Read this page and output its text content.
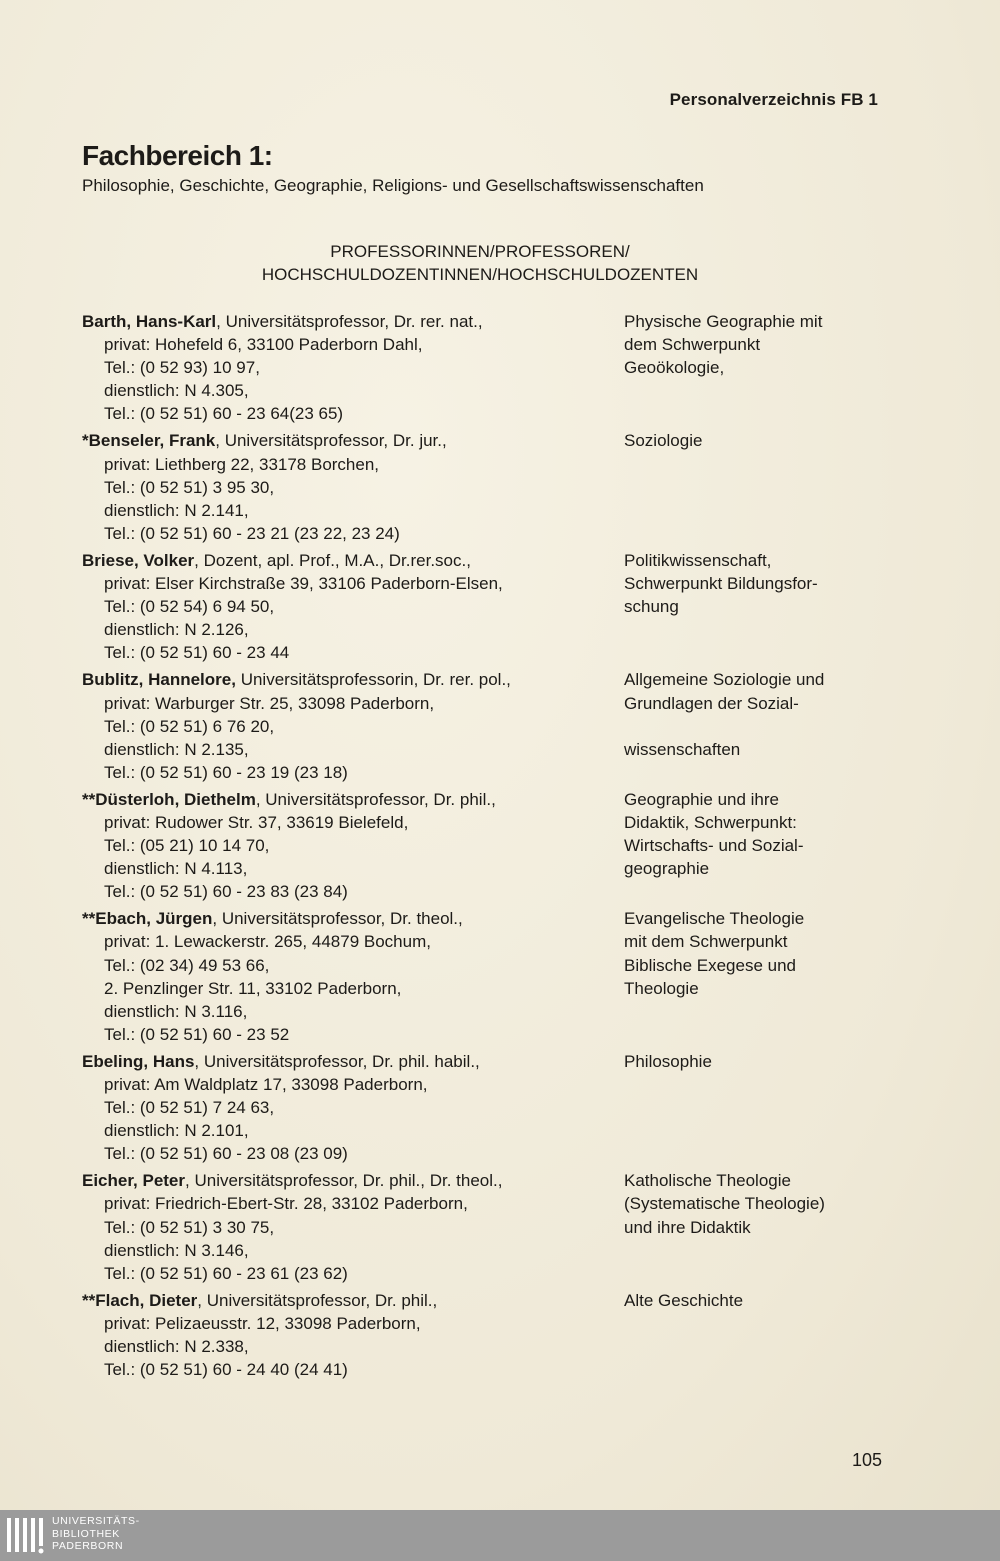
Personalverzeichnis FB 1
Fachbereich 1:
Philosophie, Geschichte, Geographie, Religions- und Gesellschaftswissenschaften
PROFESSORINNEN/PROFESSOREN/
HOCHSCHULDOZENTINNEN/HOCHSCHULDOZENTEN
Barth, Hans-Karl, Universitätsprofessor, Dr. rer. nat.,
privat: Hohefeld 6, 33100 Paderborn Dahl,
Tel.: (0 52 93) 10 97,
dienstlich: N 4.305,
Tel.: (0 52 51) 60 - 23 64(23 65)
Physische Geographie mit
dem Schwerpunkt
Geoökologie,
*Benseler, Frank, Universitätsprofessor, Dr. jur.,
privat: Liethberg 22, 33178 Borchen,
Tel.: (0 52 51) 3 95 30,
dienstlich: N 2.141,
Tel.: (0 52 51) 60 - 23 21 (23 22, 23 24)
Soziologie
Briese, Volker, Dozent, apl. Prof., M.A., Dr.rer.soc.,
privat: Elser Kirchstraße 39, 33106 Paderborn-Elsen,
Tel.: (0 52 54) 6 94 50,
dienstlich: N 2.126,
Tel.: (0 52 51) 60 - 23 44
Politikwissenschaft,
Schwerpunkt Bildungsfor-
schung
Bublitz, Hannelore, Universitätsprofessorin, Dr. rer. pol.,
privat: Warburger Str. 25, 33098 Paderborn,
Tel.: (0 52 51) 6 76 20,
dienstlich: N 2.135,
Tel.: (0 52 51) 60 - 23 19 (23 18)
Allgemeine Soziologie und
Grundlagen der Sozial-
wissenschaften
**Düsterloh, Diethelm, Universitätsprofessor, Dr. phil.,
privat: Rudower Str. 37, 33619 Bielefeld,
Tel.: (05 21) 10 14 70,
dienstlich: N 4.113,
Tel.: (0 52 51) 60 - 23 83 (23 84)
Geographie und ihre
Didaktik, Schwerpunkt:
Wirtschafts- und Sozial-
geographie
**Ebach, Jürgen, Universitätsprofessor, Dr. theol.,
privat: 1. Lewackerstr. 265, 44879 Bochum,
Tel.: (02 34) 49 53 66,
2. Penzlinger Str. 11, 33102 Paderborn,
dienstlich: N 3.116,
Tel.: (0 52 51) 60 - 23 52
Evangelische Theologie
mit dem Schwerpunkt
Biblische Exegese und
Theologie
Ebeling, Hans, Universitätsprofessor, Dr. phil. habil.,
privat: Am Waldplatz 17, 33098 Paderborn,
Tel.: (0 52 51) 7 24 63,
dienstlich: N 2.101,
Tel.: (0 52 51) 60 - 23 08 (23 09)
Philosophie
Eicher, Peter, Universitätsprofessor, Dr. phil., Dr. theol.,
privat: Friedrich-Ebert-Str. 28, 33102 Paderborn,
Tel.: (0 52 51) 3 30 75,
dienstlich: N 3.146,
Tel.: (0 52 51) 60 - 23 61 (23 62)
Katholische Theologie
(Systematische Theologie)
und ihre Didaktik
**Flach, Dieter, Universitätsprofessor, Dr. phil.,
privat: Pelizaeusstr. 12, 33098 Paderborn,
dienstlich: N 2.338,
Tel.: (0 52 51) 60 - 24 40 (24 41)
Alte Geschichte
105
UNIVERSITÄTS-
BIBLIOTHEK
PADERBORN
